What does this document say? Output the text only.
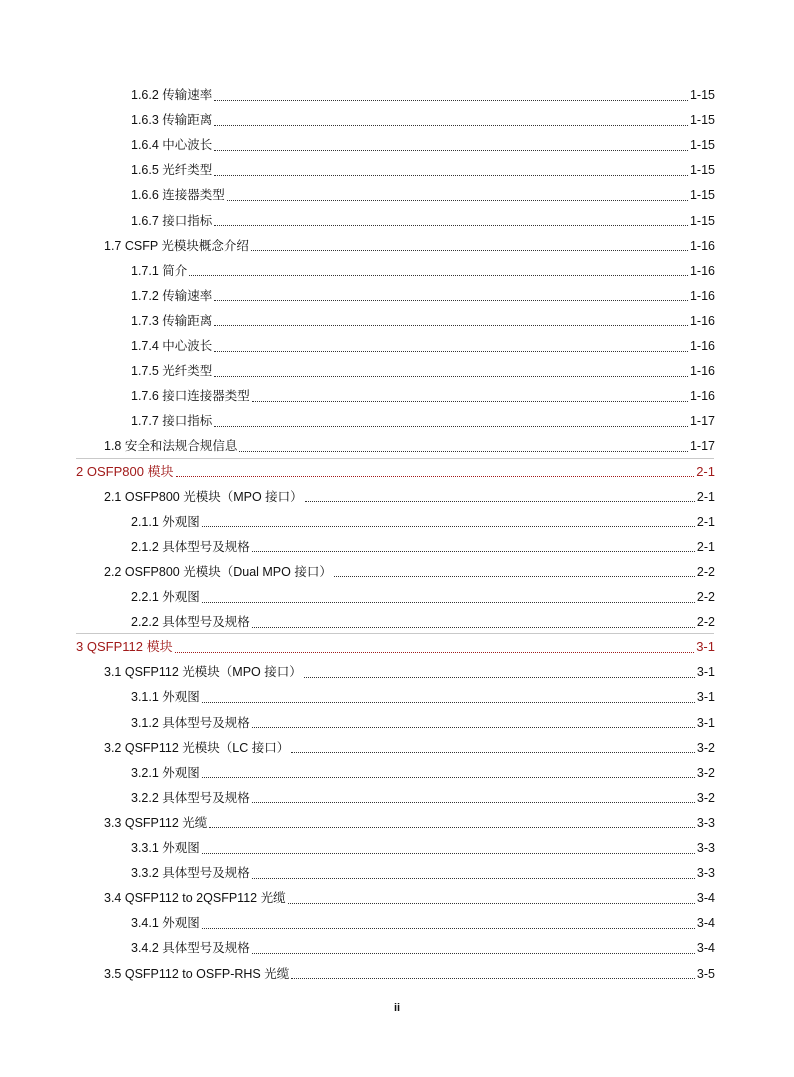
1.6.2 传输速率	1-15
1.6.3 传输距离	1-15
1.6.4 中心波长	1-15
1.6.5 光纤类型	1-15
1.6.6 连接器类型	1-15
1.6.7 接口指标	1-15
1.7 CSFP 光模块概念介绍	1-16
1.7.1 简介	1-16
1.7.2 传输速率	1-16
1.7.3 传输距离	1-16
1.7.4 中心波长	1-16
1.7.5 光纤类型	1-16
1.7.6 接口连接器类型	1-16
1.7.7 接口指标	1-17
1.8 安全和法规合规信息	1-17
2 OSFP800 模块	2-1
2.1 OSFP800 光模块（MPO 接口）	2-1
2.1.1 外观图	2-1
2.1.2 具体型号及规格	2-1
2.2 OSFP800 光模块（Dual MPO 接口）	2-2
2.2.1 外观图	2-2
2.2.2 具体型号及规格	2-2
3 QSFP112 模块	3-1
3.1 QSFP112 光模块（MPO 接口）	3-1
3.1.1 外观图	3-1
3.1.2 具体型号及规格	3-1
3.2 QSFP112 光模块（LC 接口）	3-2
3.2.1 外观图	3-2
3.2.2 具体型号及规格	3-2
3.3 QSFP112 光缆	3-3
3.3.1 外观图	3-3
3.3.2 具体型号及规格	3-3
3.4 QSFP112 to 2QSFP112 光缆	3-4
3.4.1 外观图	3-4
3.4.2 具体型号及规格	3-4
3.5 QSFP112 to OSFP-RHS 光缆	3-5
ii
